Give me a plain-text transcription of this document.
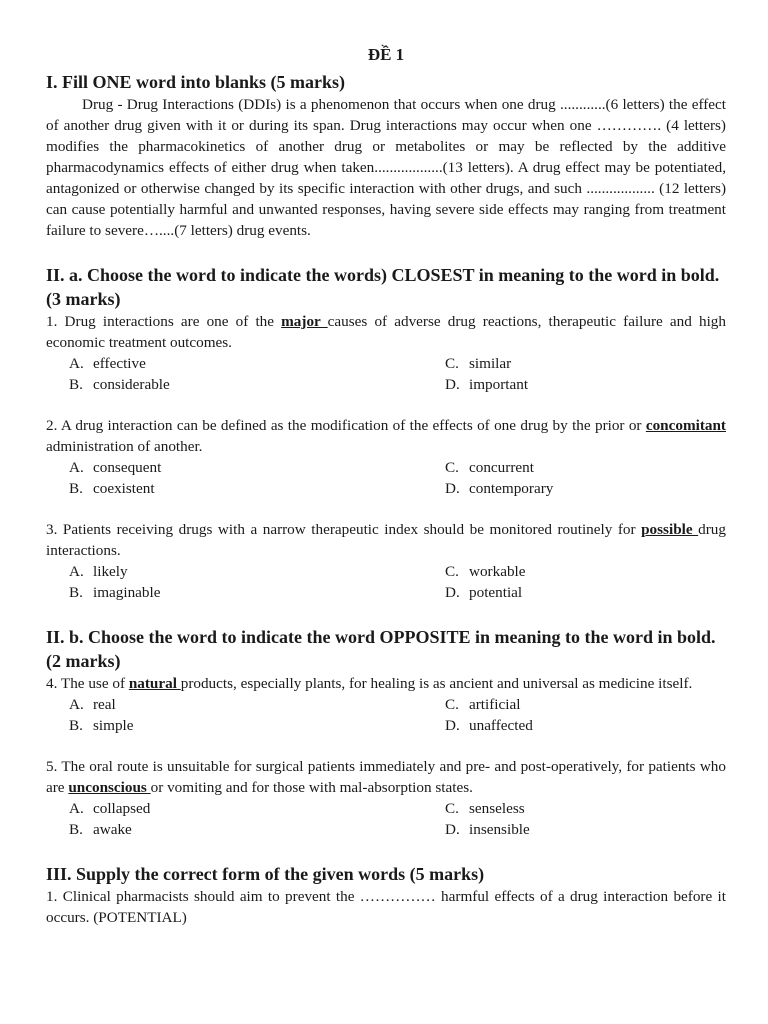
ĐỀ 1
I. Fill ONE word into blanks (5 marks)

Drug - Drug Interactions (DDIs) is a phenomenon that occurs when one drug ............(6 letters) the effect of another drug given with it or during its span. Drug interactions may occur when one …………. (4 letters) modifies the pharmacokinetics of another drug or metabolites or may be reflected by the additive pharmacodynamics effects of either drug when taken..................(13 letters). A drug effect may be potentiated, antagonized or otherwise changed by its specific interaction with other drugs, and such .................. (12 letters) can cause potentially harmful and unwanted responses, having severe side effects may ranging from treatment failure to severe…....(7 letters) drug events.

II. a. Choose the word to indicate the words) CLOSEST in meaning to the word in bold. (3 marks)

1. Drug interactions are one of the major causes of adverse drug reactions, therapeutic failure and high economic treatment outcomes.

A. effective	C. similar
B. considerable	D. important

2. A drug interaction can be defined as the modification of the effects of one drug by the prior or concomitant administration of another.

A. consequent	C. concurrent
B. coexistent	D. contemporary

3. Patients receiving drugs with a narrow therapeutic index should be monitored routinely for possible drug interactions.

A. likely	C. workable
B. imaginable	D. potential
II. b. Choose the word to indicate the word OPPOSITE in meaning to the word in bold. (2 marks)

4. The use of natural products, especially plants, for healing is as ancient and universal as medicine itself.

A. real	C. artificial
B. simple	D. unaffected

5. The oral route is unsuitable for surgical patients immediately and pre- and post-operatively, for patients who are unconscious or vomiting and for those with mal-absorption states.

A. collapsed	C. senseless
B. awake	D. insensible
III. Supply the correct form of the given words (5 marks)

1. Clinical pharmacists should aim to prevent the …………… harmful effects of a drug interaction before it occurs. (POTENTIAL)
